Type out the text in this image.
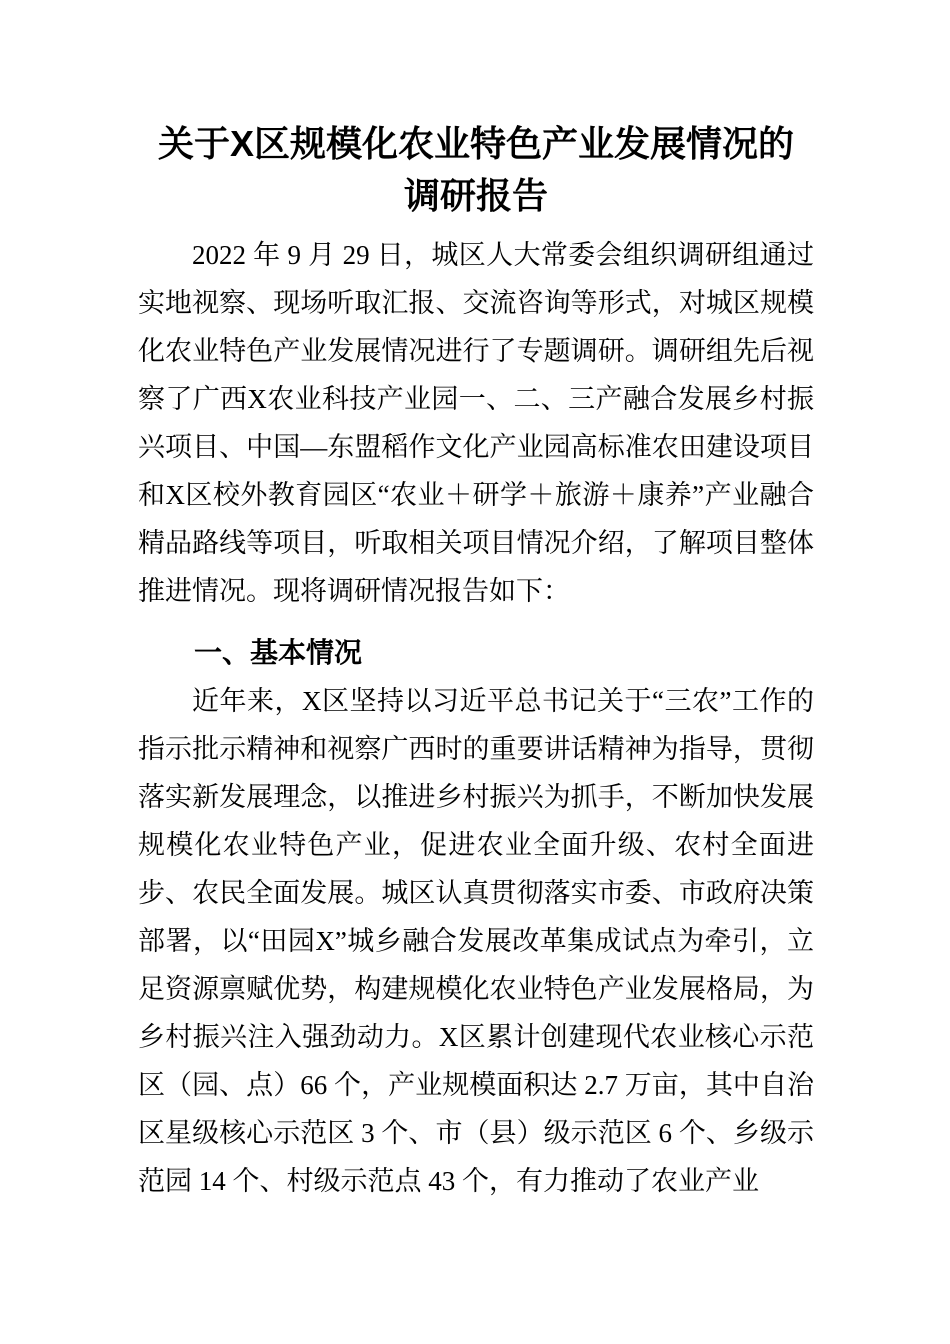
关于X区规模化农业特色产业发展情况的
调研报告

2022 年 9 月 29 日，城区人大常委会组织调研组通过实地视察、现场听取汇报、交流咨询等形式，对城区规模化农业特色产业发展情况进行了专题调研。调研组先后视察了广西X农业科技产业园一、二、三产融合发展乡村振兴项目、中国—东盟稻作文化产业园高标准农田建设项目和X区校外教育园区“农业＋研学＋旅游＋康养”产业融合精品路线等项目，听取相关项目情况介绍，了解项目整体推进情况。现将调研情况报告如下：

一、基本情况

近年来，X区坚持以习近平总书记关于“三农”工作的指示批示精神和视察广西时的重要讲话精神为指导，贯彻落实新发展理念，以推进乡村振兴为抓手，不断加快发展规模化农业特色产业，促进农业全面升级、农村全面进步、农民全面发展。城区认真贯彻落实市委、市政府决策部署，以“田园X”城乡融合发展改革集成试点为牵引，立足资源禀赋优势，构建规模化农业特色产业发展格局，为乡村振兴注入强劲动力。X区累计创建现代农业核心示范区（园、点）66 个，产业规模面积达 2.7 万亩，其中自治区星级核心示范区 3 个、市（县）级示范区 6 个、乡级示范园 14 个、村级示范点 43 个，有力推动了农业产业
